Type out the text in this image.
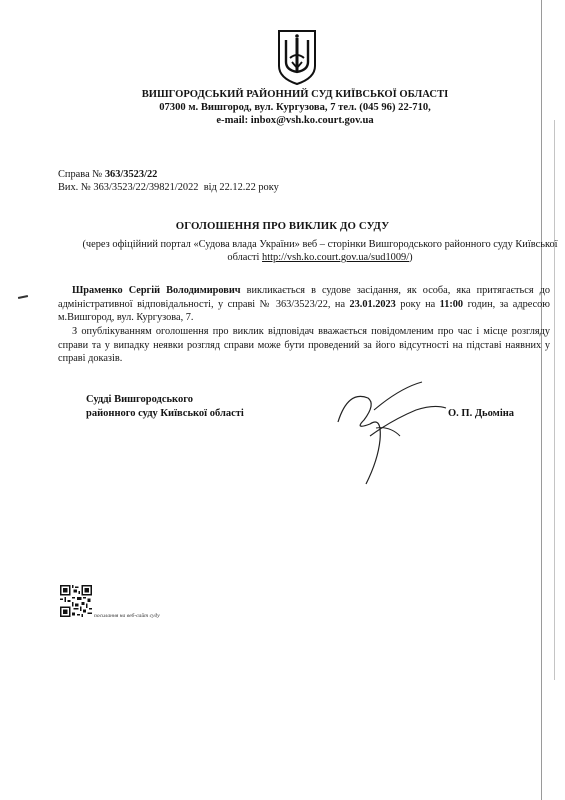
ВИШГОРОДСЬКИЙ РАЙОННИЙ СУД КИЇВСЬКОЇ ОБЛАСТІ
07300 м. Вишгород, вул. Кургузова, 7 тел. (045 96) 22-710,
e-mail: inbox@vsh.ko.court.gov.ua
Справа № 363/3523/22
Вих. № 363/3523/22/39821/2022 від 22.12.22 року
ОГОЛОШЕННЯ ПРО ВИКЛИК ДО СУДУ
(через офіційний портал «Судова влада України» веб – сторінки Вишгородського районного суду Київської області http://vsh.ko.court.gov.ua/sud1009/)
Шраменко Сергій Володимирович викликається в судове засідання, як особа, яка притягається до адміністративної відповідальності, у справі № 363/3523/22, на 23.01.2023 року на 11:00 годин, за адресою м.Вишгород, вул. Кургузова, 7.
З опублікуванням оголошення про виклик відповідач вважається повідомленим про час і місце розгляду справи та у випадку неявки розгляд справи може бути проведений за його відсутності на підставі наявних у справі доказів.
Судді Вишгородського
районного суду Київської області	О. П. Дьоміна
посилання на веб-сайт суду
